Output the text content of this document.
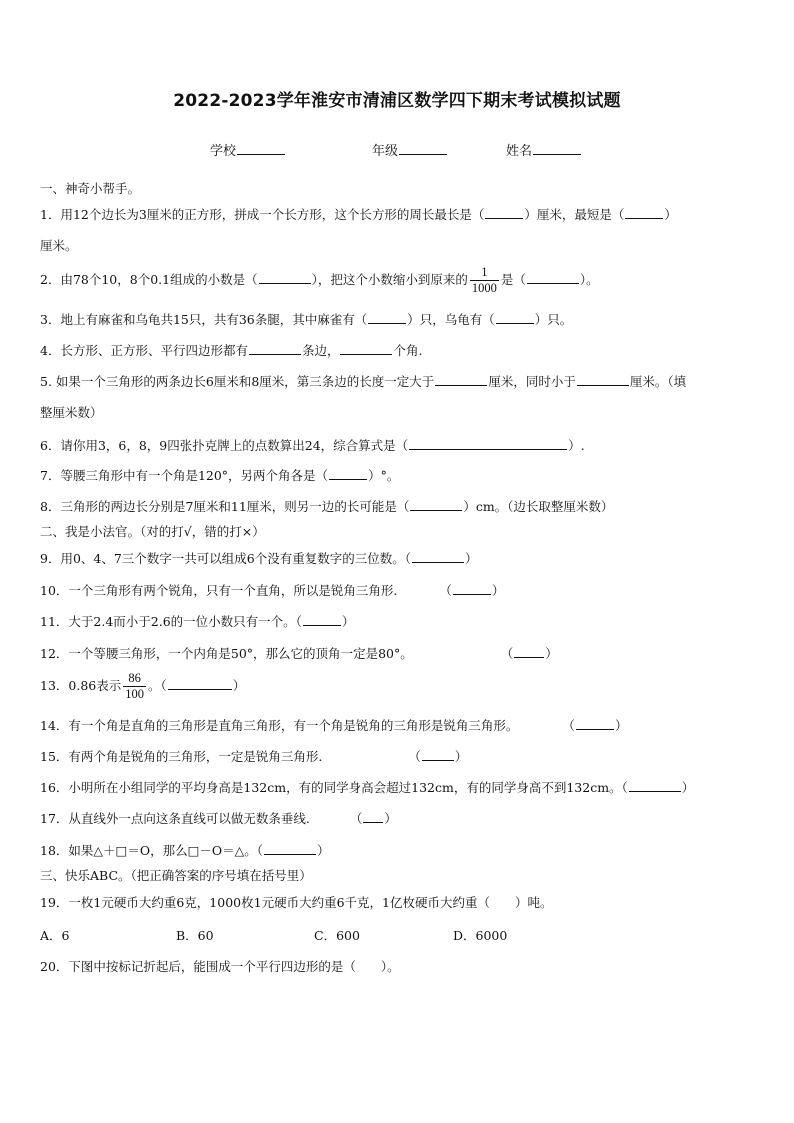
2022-2023学年淮安市清浦区数学四下期末考试模拟试题
学校	年级	姓名
一、神奇小帮手。
1．用12个边长为3厘米的正方形，拼成一个长方形，这个长方形的周长最长是（	）厘米，最短是（	）
厘米。
2．由78个10，8个0.1组成的小数是（	），把这个小数缩小到原来的 $\frac{1}{1000}$ 是（	）。
3．地上有麻雀和乌龟共15只，共有36条腿，其中麻雀有（	）只，乌龟有（	）只。
4．长方形、正方形、平行四边形都有	条边，	个角.
5. 如果一个三角形的两条边长6厘米和8厘米，第三条边的长度一定大于	厘米，同时小于	厘米。（填
整厘米数）
6．请你用3，6，8，9四张扑克牌上的点数算出24，综合算式是（	）.
7．等腰三角形中有一个角是120°，另两个角各是（	）°。
8．三角形的两边长分别是7厘米和11厘米，则另一边的长可能是（	）cm。（边长取整厘米数）
二、我是小法官。（对的打√，错的打×）
9．用0、4、7三个数字一共可以组成6个没有重复数字的三位数。（	）
10．一个三角形有两个锐角，只有一个直角，所以是锐角三角形.	（	）
11．大于2.4而小于2.6的一位小数只有一个。（	）
12．一个等腰三角形，一个内角是50°，那么它的顶角一定是80°。	（	）
13．0.86表示 $\frac{86}{100}$ 。（	）
14．有一个角是直角的三角形是直角三角形，有一个角是锐角的三角形是锐角三角形。	（	）
15．有两个角是锐角的三角形，一定是锐角三角形.	（	）
16．小明所在小组同学的平均身高是132cm，有的同学身高会超过132cm，有的同学身高不到132cm。（	）
17．从直线外一点向这条直线可以做无数条垂线.	（ ）
18．如果△＋□＝O，那么□－O＝△。（	）
三、快乐ABC。（把正确答案的序号填在括号里）
19．一枚1元硬币大约重6克，1000枚1元硬币大约重6千克，1亿枚硬币大约重（　　）吨。
A．6	B．60	C．600	D．6000
20．下图中按标记折起后，能围成一个平行四边形的是（　　）。
